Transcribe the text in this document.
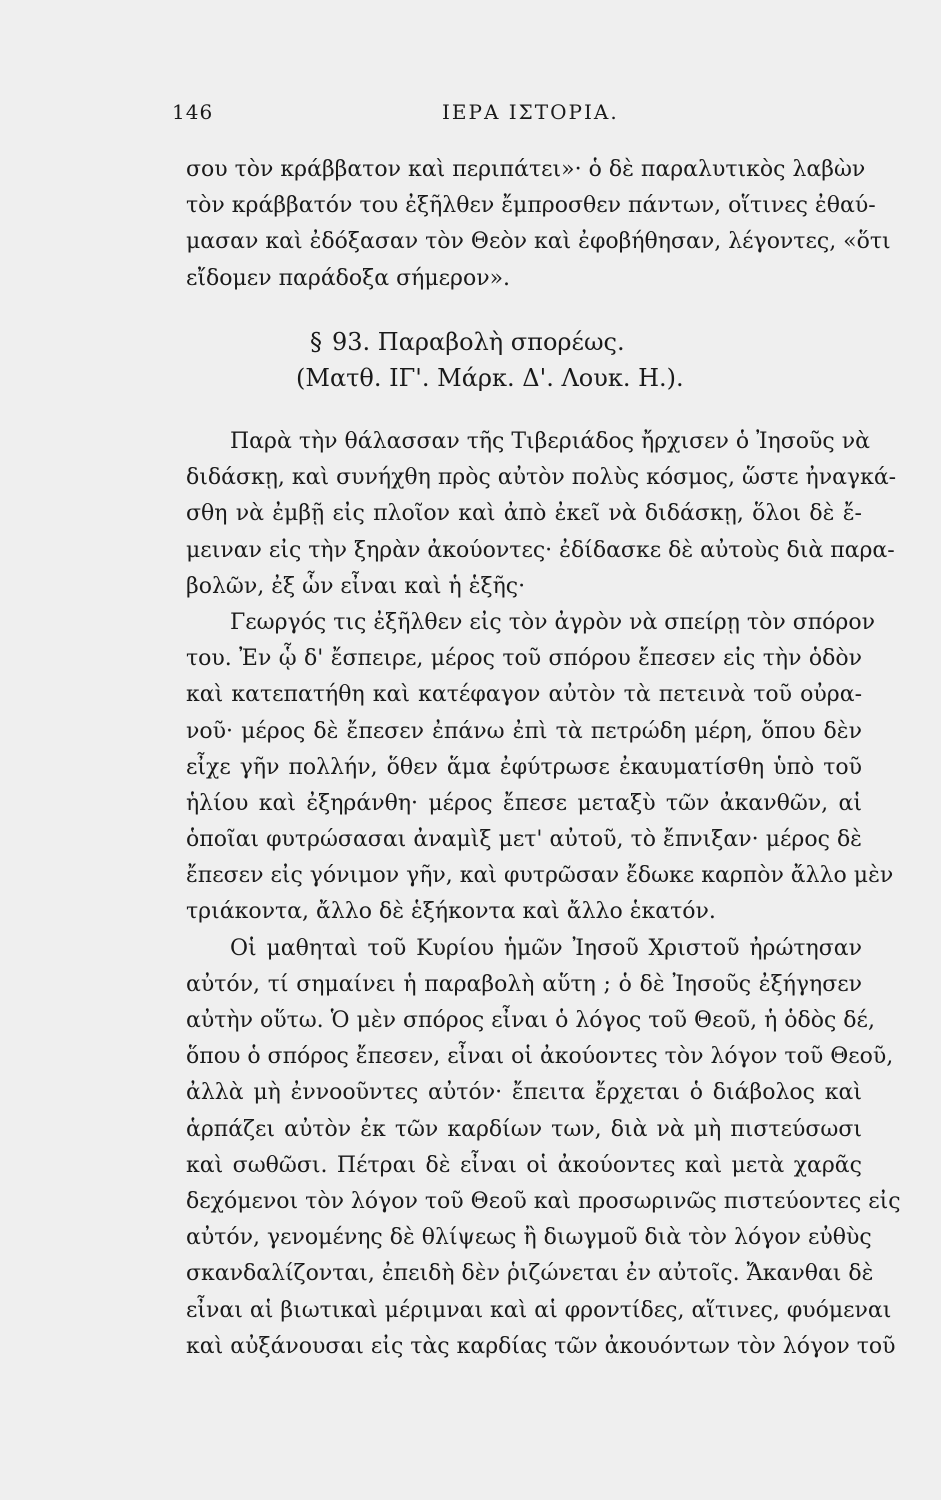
146	ΙΕΡΑ ΙΣΤΟΡΙΑ.
σου τὸν κράββατον καὶ περιπάτει»· ὁ δὲ παραλυτικὸς λαβὼν
τὸν κράββατόν του ἐξῆλθεν ἔμπροσθεν πάντων, οἵτινες ἐθαύ-
μασαν καὶ ἐδόξασαν τὸν Θεὸν καὶ ἐφοβήθησαν, λέγοντες, «ὅτι
εἴδομεν παράδοξα σήμερον».
§ 93. Παραβολὴ σπορέως.
(Ματθ. ΙΓ'. Μάρκ. Δ'. Λουκ. Η.).
Παρὰ τὴν θάλασσαν τῆς Τιβεριάδος ἤρχισεν ὁ Ἰησοῦς νὰ
διδάσκῃ, καὶ συνήχθη πρὸς αὐτὸν πολὺς κόσμος, ὥστε ἠναγκά-
σθη νὰ ἐμβῇ εἰς πλοῖον καὶ ἀπὸ ἐκεῖ νὰ διδάσκῃ, ὅλοι δὲ ἔ-
μειναν εἰς τὴν ξηρὰν ἀκούοντες· ἐδίδασκε δὲ αὐτοὺς διὰ παρα-
βολῶν, ἐξ ὧν εἶναι καὶ ἡ ἑξῆς·
Γεωργός τις ἐξῆλθεν εἰς τὸν ἀγρὸν νὰ σπείρῃ τὸν σπόρον
του. Ἐν ᾧ δ' ἔσπειρε, μέρος τοῦ σπόρου ἔπεσεν εἰς τὴν ὁδὸν
καὶ κατεπατήθη καὶ κατέφαγον αὐτὸν τὰ πετεινὰ τοῦ οὐρα-
νοῦ· μέρος δὲ ἔπεσεν ἐπάνω ἐπὶ τὰ πετρώδη μέρη, ὅπου δὲν
εἶχε γῆν πολλήν, ὅθεν ἅμα ἐφύτρωσε ἐκαυματίσθη ὑπὸ τοῦ
ἡλίου καὶ ἐξηράνθη· μέρος ἔπεσε μεταξὺ τῶν ἀκανθῶν, αἱ
ὁποῖαι φυτρώσασαι ἀναμὶξ μετ' αὐτοῦ, τὸ ἔπνιξαν· μέρος δὲ
ἔπεσεν εἰς γόνιμον γῆν, καὶ φυτρῶσαν ἔδωκε καρπὸν ἄλλο μὲν
τριάκοντα, ἄλλο δὲ ἑξήκοντα καὶ ἄλλο ἑκατόν.
Οἱ μαθηταὶ τοῦ Κυρίου ἡμῶν Ἰησοῦ Χριστοῦ ἠρώτησαν
αὐτόν, τί σημαίνει ἡ παραβολὴ αὕτη ; ὁ δὲ Ἰησοῦς ἐξήγησεν
αὐτὴν οὕτω. Ὁ μὲν σπόρος εἶναι ὁ λόγος τοῦ Θεοῦ, ἡ ὁδὸς δέ,
ὅπου ὁ σπόρος ἔπεσεν, εἶναι οἱ ἀκούοντες τὸν λόγον τοῦ Θεοῦ,
ἀλλὰ μὴ ἐννοοῦντες αὐτόν· ἔπειτα ἔρχεται ὁ διάβολος καὶ
ἁρπάζει αὐτὸν ἐκ τῶν καρδίων των, διὰ νὰ μὴ πιστεύσωσι
καὶ σωθῶσι. Πέτραι δὲ εἶναι οἱ ἀκούοντες καὶ μετὰ χαρᾶς
δεχόμενοι τὸν λόγον τοῦ Θεοῦ καὶ προσωρινῶς πιστεύοντες εἰς
αὐτόν, γενομένης δὲ θλίψεως ἢ διωγμοῦ διὰ τὸν λόγον εὐθὺς
σκανδαλίζονται, ἐπειδὴ δὲν ῥιζώνεται ἐν αὐτοῖς. Ἄκανθαι δὲ
εἶναι αἱ βιωτικαὶ μέριμναι καὶ αἱ φροντίδες, αἵτινες, φυόμεναι
καὶ αὐξάνουσαι εἰς τὰς καρδίας τῶν ἀκουόντων τὸν λόγον τοῦ
